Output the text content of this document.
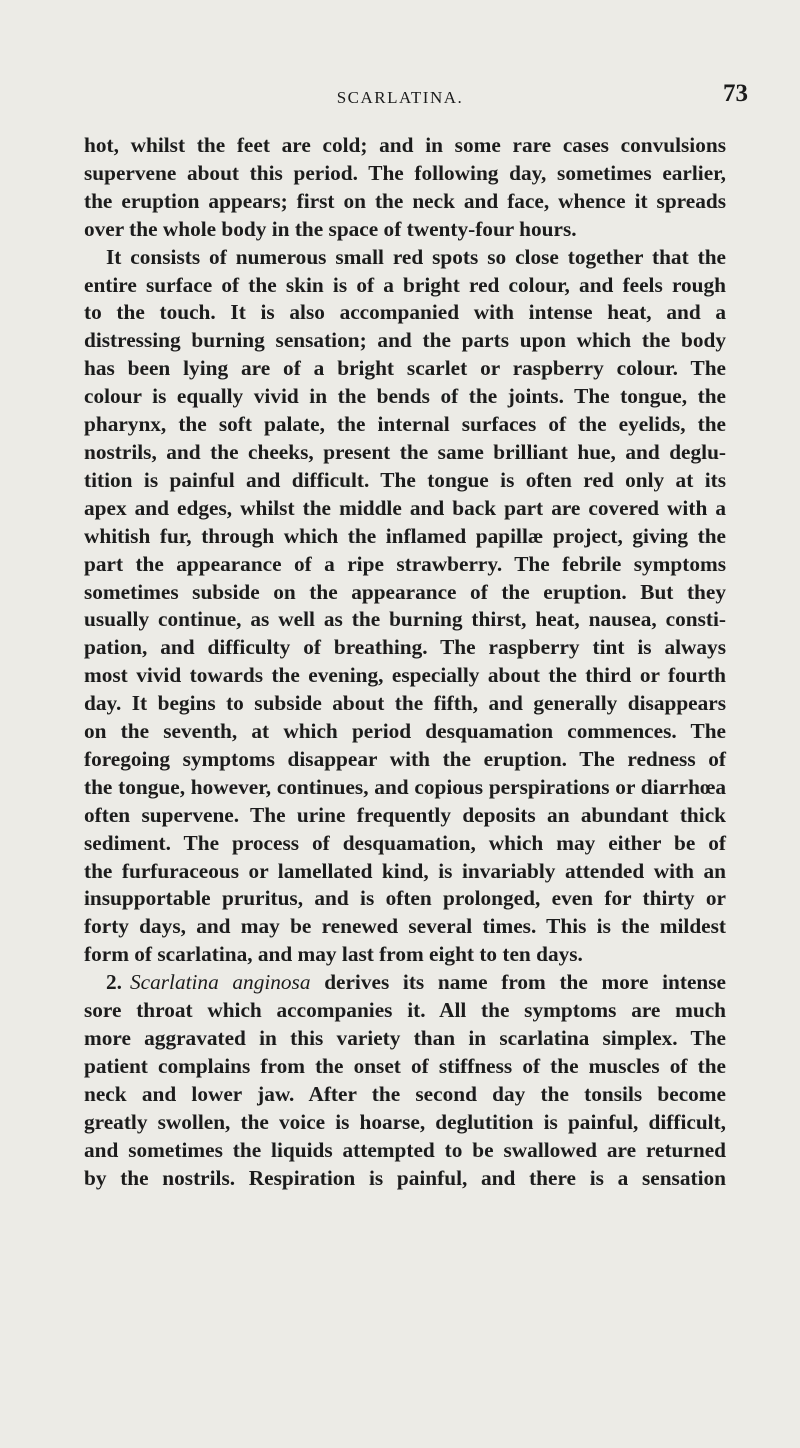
SCARLATINA.	73
hot, whilst the feet are cold; and in some rare cases convulsions
supervene about this period. The following day, sometimes earlier,
the eruption appears; first on the neck and face, whence it spreads
over the whole body in the space of twenty-four hours.
It consists of numerous small red spots so close together that the
entire surface of the skin is of a bright red colour, and feels rough
to the touch. It is also accompanied with intense heat, and a
distressing burning sensation; and the parts upon which the body
has been lying are of a bright scarlet or raspberry colour. The
colour is equally vivid in the bends of the joints. The tongue, the
pharynx, the soft palate, the internal surfaces of the eyelids, the
nostrils, and the cheeks, present the same brilliant hue, and deglu-
tition is painful and difficult. The tongue is often red only at its
apex and edges, whilst the middle and back part are covered with a
whitish fur, through which the inflamed papillæ project, giving the
part the appearance of a ripe strawberry. The febrile symptoms
sometimes subside on the appearance of the eruption. But they
usually continue, as well as the burning thirst, heat, nausea, consti-
pation, and difficulty of breathing. The raspberry tint is always
most vivid towards the evening, especially about the third or fourth
day. It begins to subside about the fifth, and generally disappears
on the seventh, at which period desquamation commences. The
foregoing symptoms disappear with the eruption. The redness of
the tongue, however, continues, and copious perspirations or diarrhœa
often supervene. The urine frequently deposits an abundant thick
sediment. The process of desquamation, which may either be of
the furfuraceous or lamellated kind, is invariably attended with an
insupportable pruritus, and is often prolonged, even for thirty or
forty days, and may be renewed several times. This is the mildest
form of scarlatina, and may last from eight to ten days.
2. Scarlatina anginosa derives its name from the more intense
sore throat which accompanies it. All the symptoms are much
more aggravated in this variety than in scarlatina simplex. The
patient complains from the onset of stiffness of the muscles of the
neck and lower jaw. After the second day the tonsils become
greatly swollen, the voice is hoarse, deglutition is painful, difficult,
and sometimes the liquids attempted to be swallowed are returned
by the nostrils. Respiration is painful, and there is a sensation
